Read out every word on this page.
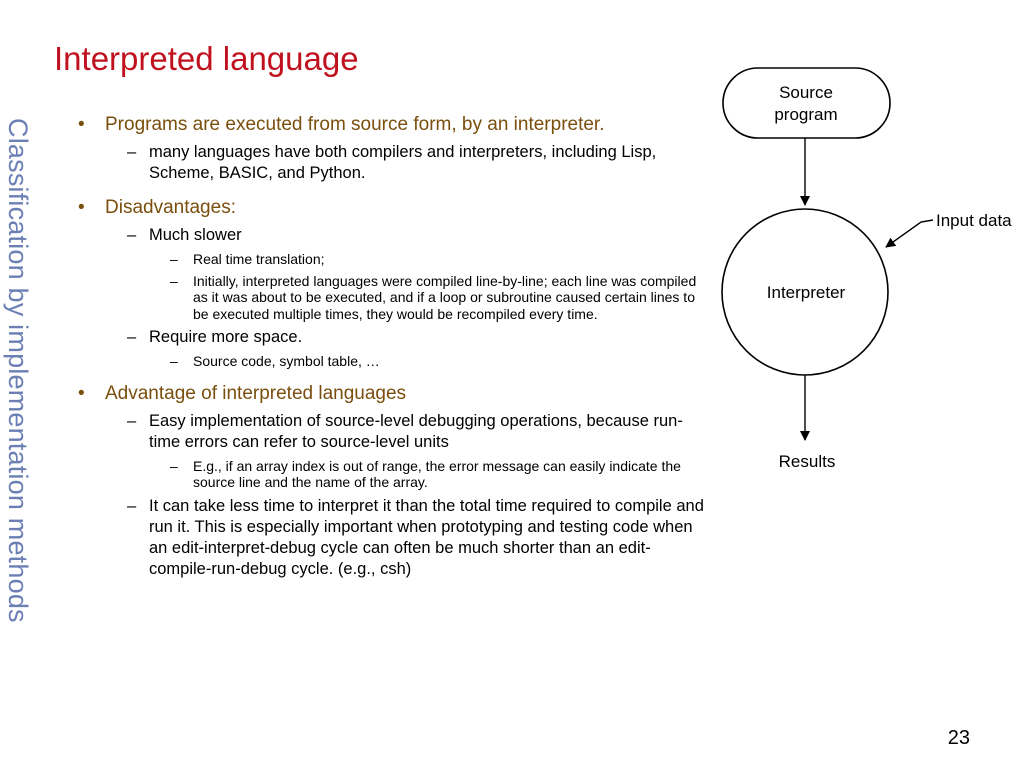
Classification by implementation methods
Interpreted language
• Programs are executed from source form, by an interpreter.
– many languages have both compilers and interpreters, including Lisp, Scheme, BASIC, and Python.
• Disadvantages:
– Much slower
– Real time translation;
– Initially, interpreted languages were compiled line-by-line; each line was compiled as it was about to be executed, and if a loop or subroutine caused certain lines to be executed multiple times, they would be recompiled every time.
– Require more space.
– Source code, symbol table, …
• Advantage of interpreted languages
– Easy implementation of source-level debugging operations, because run-time errors can refer to source-level units
– E.g., if an array index is out of range, the error message can easily indicate the source line and the name of the array.
– It can take less time to interpret it than the total time required to compile and run it. This is especially important when prototyping and testing code when an edit-interpret-debug cycle can often be much shorter than an edit-compile-run-debug cycle. (e.g., csh)
Source
program
Interpreter
Input data
Results
23
